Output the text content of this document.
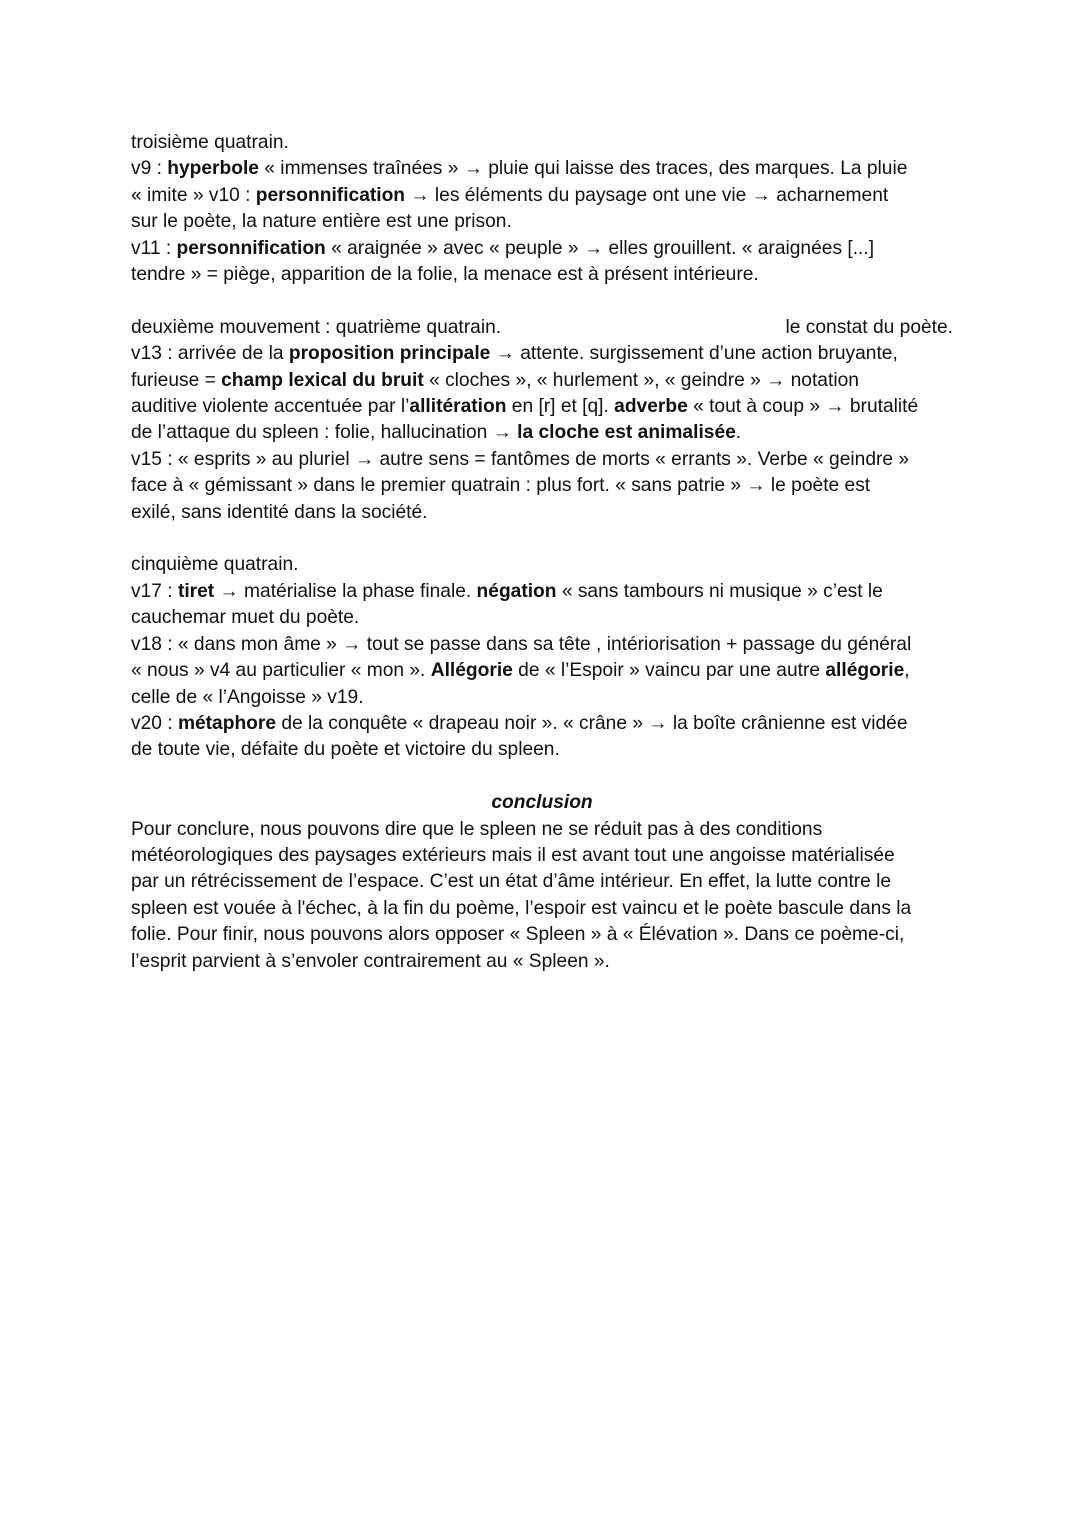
troisième quatrain.
v9 : hyperbole « immenses traînées » → pluie qui laisse des traces, des marques. La pluie
« imite » v10 : personnification → les éléments du paysage ont une vie → acharnement
sur le poète, la nature entière est une prison.
v11 : personnification « araignée » avec « peuple » → elles grouillent. « araignées [...]
tendre » = piège, apparition de la folie, la menace est à présent intérieure.
deuxième mouvement : quatrième quatrain.	le constat du poète.
v13 : arrivée de la proposition principale → attente. surgissement d’une action bruyante,
furieuse = champ lexical du bruit « cloches », « hurlement », « geindre » → notation
auditive violente accentuée par l’allitération en [r] et [q]. adverbe « tout à coup » → brutalité
de l’attaque du spleen : folie, hallucination → la cloche est animalisée.
v15 : « esprits » au pluriel → autre sens = fantômes de morts « errants ». Verbe « geindre »
face à « gémissant » dans le premier quatrain : plus fort. « sans patrie » → le poète est
exilé, sans identité dans la société.
cinquième quatrain.
v17 : tiret → matérialise la phase finale. négation « sans tambours ni musique » c’est le
cauchemar muet du poète.
v18 : « dans mon âme » → tout se passe dans sa tête , intériorisation + passage du général
« nous » v4 au particulier « mon ». Allégorie de « l’Espoir » vaincu par une autre allégorie,
celle de « l’Angoisse » v19.
v20 : métaphore de la conquête « drapeau noir ». « crâne » → la boîte crânienne est vidée
de toute vie, défaite du poète et victoire du spleen.
conclusion
Pour conclure, nous pouvons dire que le spleen ne se réduit pas à des conditions
météorologiques des paysages extérieurs mais il est avant tout une angoisse matérialisée
par un rétrécissement de l’espace. C’est un état d’âme intérieur. En effet, la lutte contre le
spleen est vouée à l'échec, à la fin du poème, l’espoir est vaincu et le poète bascule dans la
folie. Pour finir, nous pouvons alors opposer « Spleen » à « Élévation ». Dans ce poème-ci,
l’esprit parvient à s’envoler contrairement au « Spleen ».
